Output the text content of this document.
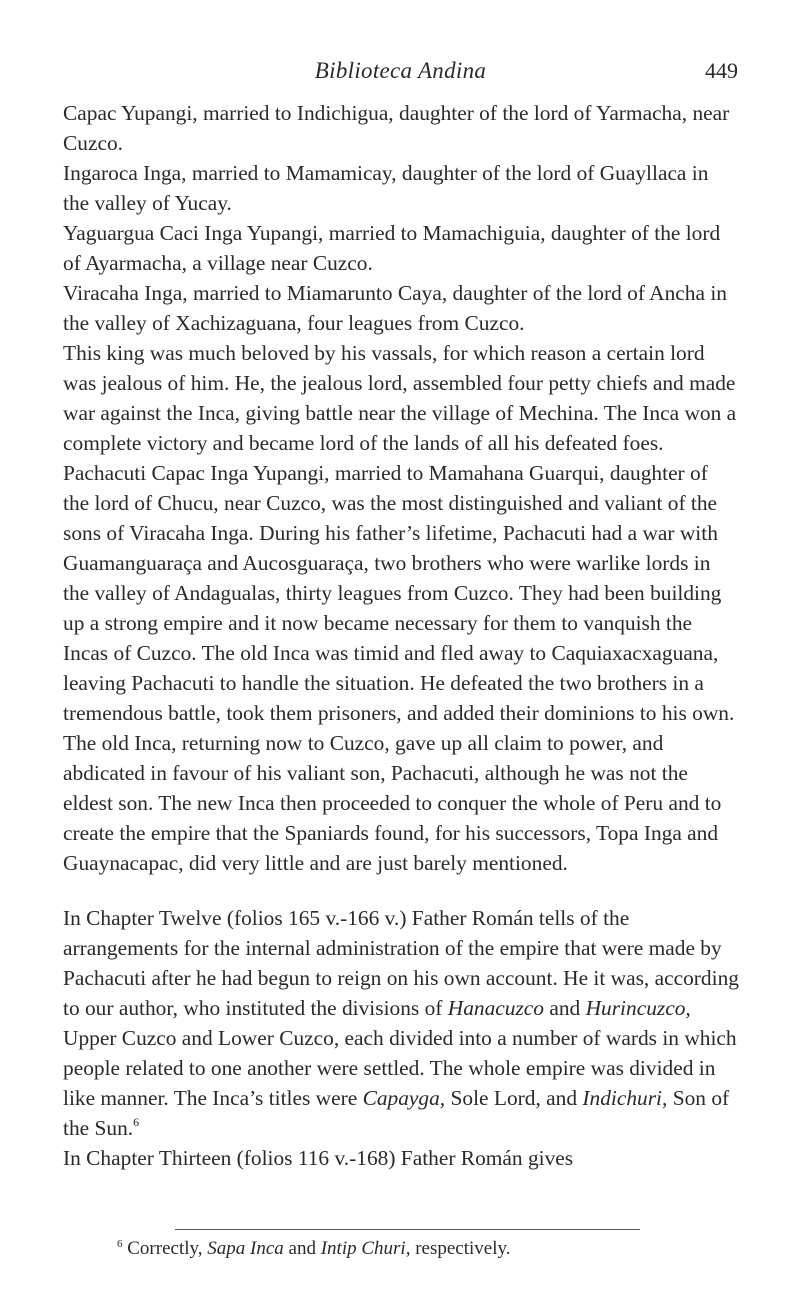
Biblioteca Andina	449

Capac Yupangi, married to Indichigua, daughter of the lord of Yarmacha, near Cuzco.

Ingaroca Inga, married to Mamamicay, daughter of the lord of Guayllaca in the valley of Yucay.

Yaguargua Caci Inga Yupangi, married to Mamachiguia, daughter of the lord of Ayarmacha, a village near Cuzco.

Viracaha Inga, married to Miamarunto Caya, daughter of the lord of Ancha in the valley of Xachizaguana, four leagues from Cuzco.

This king was much beloved by his vassals, for which reason a certain lord was jealous of him. He, the jealous lord, assembled four petty chiefs and made war against the Inca, giving battle near the village of Mechina. The Inca won a complete victory and became lord of the lands of all his defeated foes.

Pachacuti Capac Inga Yupangi, married to Mamahana Guarqui, daughter of the lord of Chucu, near Cuzco, was the most distinguished and valiant of the sons of Viracaha Inga. During his father’s lifetime, Pachacuti had a war with Guamanguaraça and Aucosguaraça, two brothers who were warlike lords in the valley of Andagualas, thirty leagues from Cuzco. They had been building up a strong empire and it now became necessary for them to vanquish the Incas of Cuzco. The old Inca was timid and fled away to Caquiaxacxaguana, leaving Pachacuti to handle the situation. He defeated the two brothers in a tremendous battle, took them prisoners, and added their dominions to his own. The old Inca, returning now to Cuzco, gave up all claim to power, and abdicated in favour of his valiant son, Pachacuti, although he was not the eldest son. The new Inca then proceeded to conquer the whole of Peru and to create the empire that the Spaniards found, for his successors, Topa Inga and Guaynacapac, did very little and are just barely mentioned.

In Chapter Twelve (folios 165 v.-166 v.) Father Román tells of the arrangements for the internal administration of the empire that were made by Pachacuti after he had begun to reign on his own account. He it was, according to our author, who instituted the divisions of Hanacuzco and Hurincuzco, Upper Cuzco and Lower Cuzco, each divided into a number of wards in which people related to one another were settled. The whole empire was divided in like manner. The Inca’s titles were Capayga, Sole Lord, and Indichuri, Son of the Sun.$^6$

In Chapter Thirteen (folios 116 v.-168) Father Román gives

$^6$ Correctly, Sapa Inca and Intip Churi, respectively.
